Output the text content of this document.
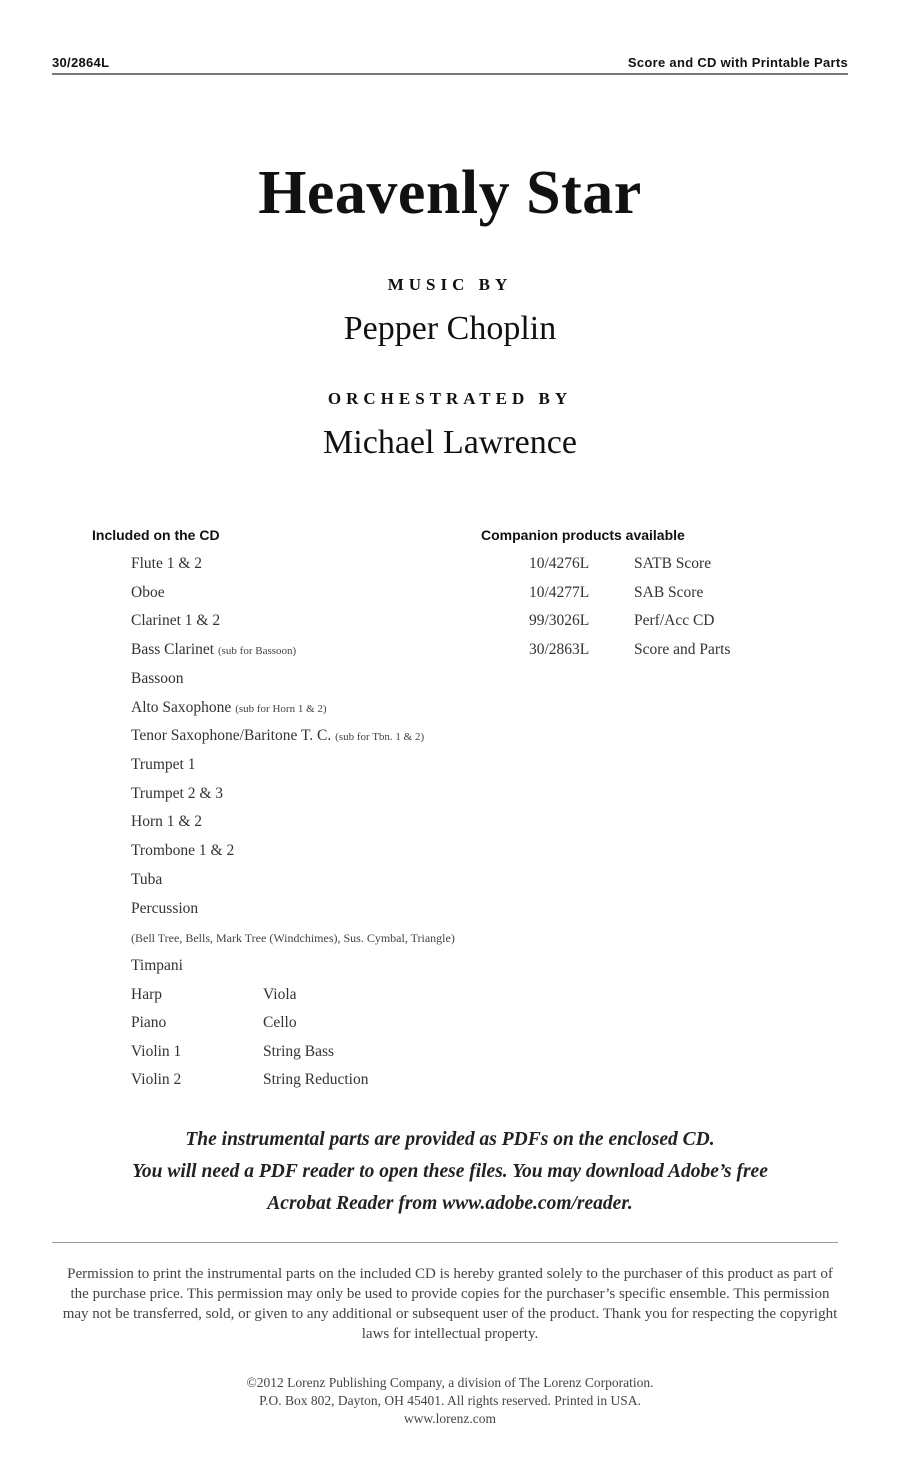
30/2864L	Score and CD with Printable Parts
Heavenly Star
MUSIC BY
Pepper Choplin
ORCHESTRATED BY
Michael Lawrence
Included on the CD	Companion products available
Flute 1 & 2
Oboe
Clarinet 1 & 2
Bass Clarinet (sub for Bassoon)
Bassoon
Alto Saxophone (sub for Horn 1 & 2)
Tenor Saxophone/Baritone T. C. (sub for Tbn. 1 & 2)
Trumpet 1
Trumpet 2 & 3
Horn 1 & 2
Trombone 1 & 2
Tuba
Percussion
(Bell Tree, Bells, Mark Tree (Windchimes), Sus. Cymbal, Triangle)
Timpani
Harp	Viola
Piano	Cello
Violin 1	String Bass
Violin 2	String Reduction
10/4276L	SATB Score
10/4277L	SAB Score
99/3026L	Perf/Acc CD
30/2863L	Score and Parts
The instrumental parts are provided as PDFs on the enclosed CD.
You will need a PDF reader to open these files. You may download Adobe’s free
Acrobat Reader from www.adobe.com/reader.
Permission to print the instrumental parts on the included CD is hereby granted solely to the purchaser of this product as part of the purchase price. This permission may only be used to provide copies for the purchaser’s specific ensemble. This permission may not be transferred, sold, or given to any additional or subsequent user of the product. Thank you for respecting the copyright laws for intellectual property.
©2012 Lorenz Publishing Company, a division of The Lorenz Corporation.
P.O. Box 802, Dayton, OH 45401. All rights reserved. Printed in USA.
www.lorenz.com
